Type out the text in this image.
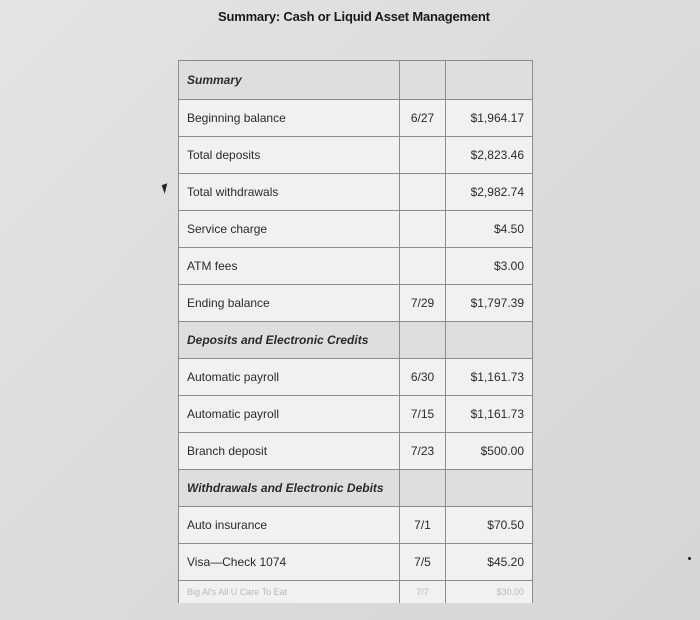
Summary: Cash or Liquid Asset Management
Summary		
Beginning balance	6/27	$1,964.17
Total deposits		$2,823.46
Total withdrawals		$2,982.74
Service charge		$4.50
ATM fees		$3.00
Ending balance	7/29	$1,797.39
Deposits and Electronic Credits		
Automatic payroll	6/30	$1,161.73
Automatic payroll	7/15	$1,161.73
Branch deposit	7/23	$500.00
Withdrawals and Electronic Debits		
Auto insurance	7/1	$70.50
Visa—Check 1074	7/5	$45.20
Big Al's All U Care To Eat	7/7	$30.00
